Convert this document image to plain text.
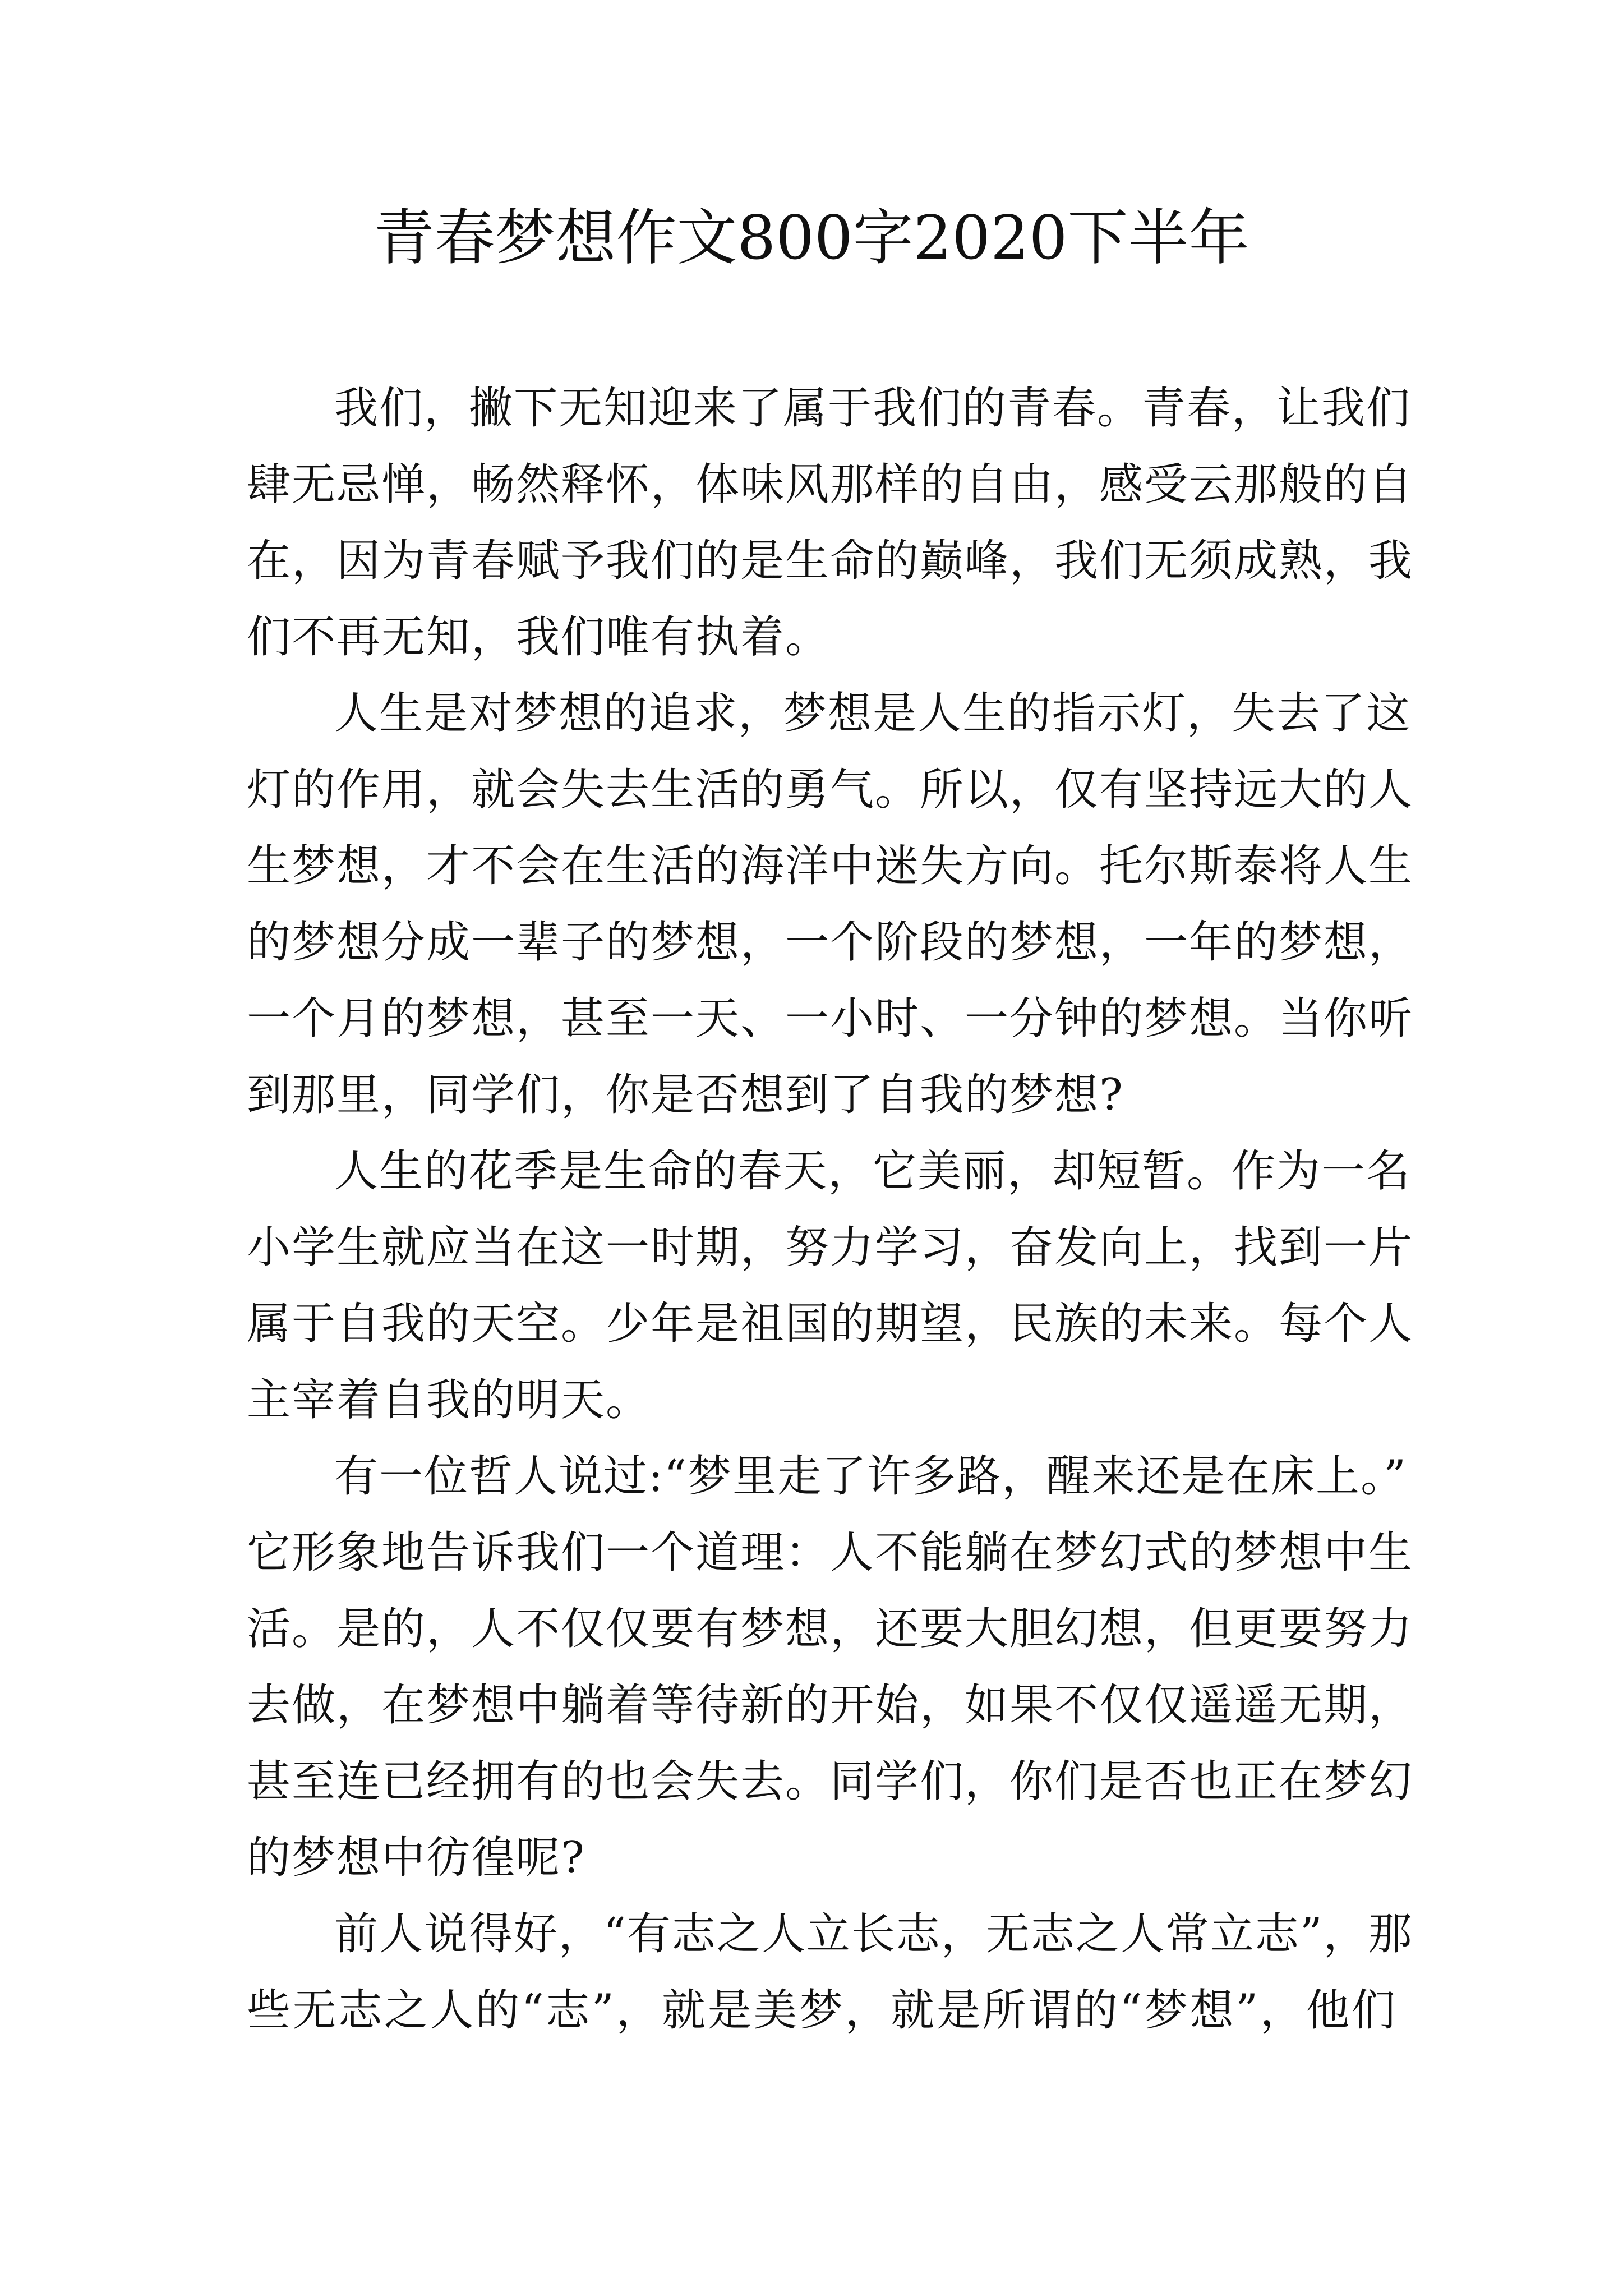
青春梦想作文800字2020下半年
我们，撇下无知迎来了属于我们的青春。青春，让我们
肆无忌惮，畅然释怀，体味风那样的自由，感受云那般的自
在，因为青春赋予我们的是生命的巅峰，我们无须成熟，我
们不再无知，我们唯有执着。
人生是对梦想的追求，梦想是人生的指示灯，失去了这
灯的作用，就会失去生活的勇气。所以，仅有坚持远大的人
生梦想，才不会在生活的海洋中迷失方向。托尔斯泰将人生
的梦想分成一辈子的梦想，一个阶段的梦想，一年的梦想，
一个月的梦想，甚至一天、一小时、一分钟的梦想。当你听
到那里，同学们，你是否想到了自我的梦想?
人生的花季是生命的春天，它美丽，却短暂。作为一名
小学生就应当在这一时期，努力学习，奋发向上，找到一片
属于自我的天空。少年是祖国的期望，民族的未来。每个人
主宰着自我的明天。
有一位哲人说过:“梦里走了许多路，醒来还是在床上。”
它形象地告诉我们一个道理：人不能躺在梦幻式的梦想中生
活。是的，人不仅仅要有梦想，还要大胆幻想，但更要努力
去做，在梦想中躺着等待新的开始，如果不仅仅遥遥无期，
甚至连已经拥有的也会失去。同学们，你们是否也正在梦幻
的梦想中彷徨呢?
前人说得好，“有志之人立长志，无志之人常立志”，那
些无志之人的“志”，就是美梦，就是所谓的“梦想”，他们
